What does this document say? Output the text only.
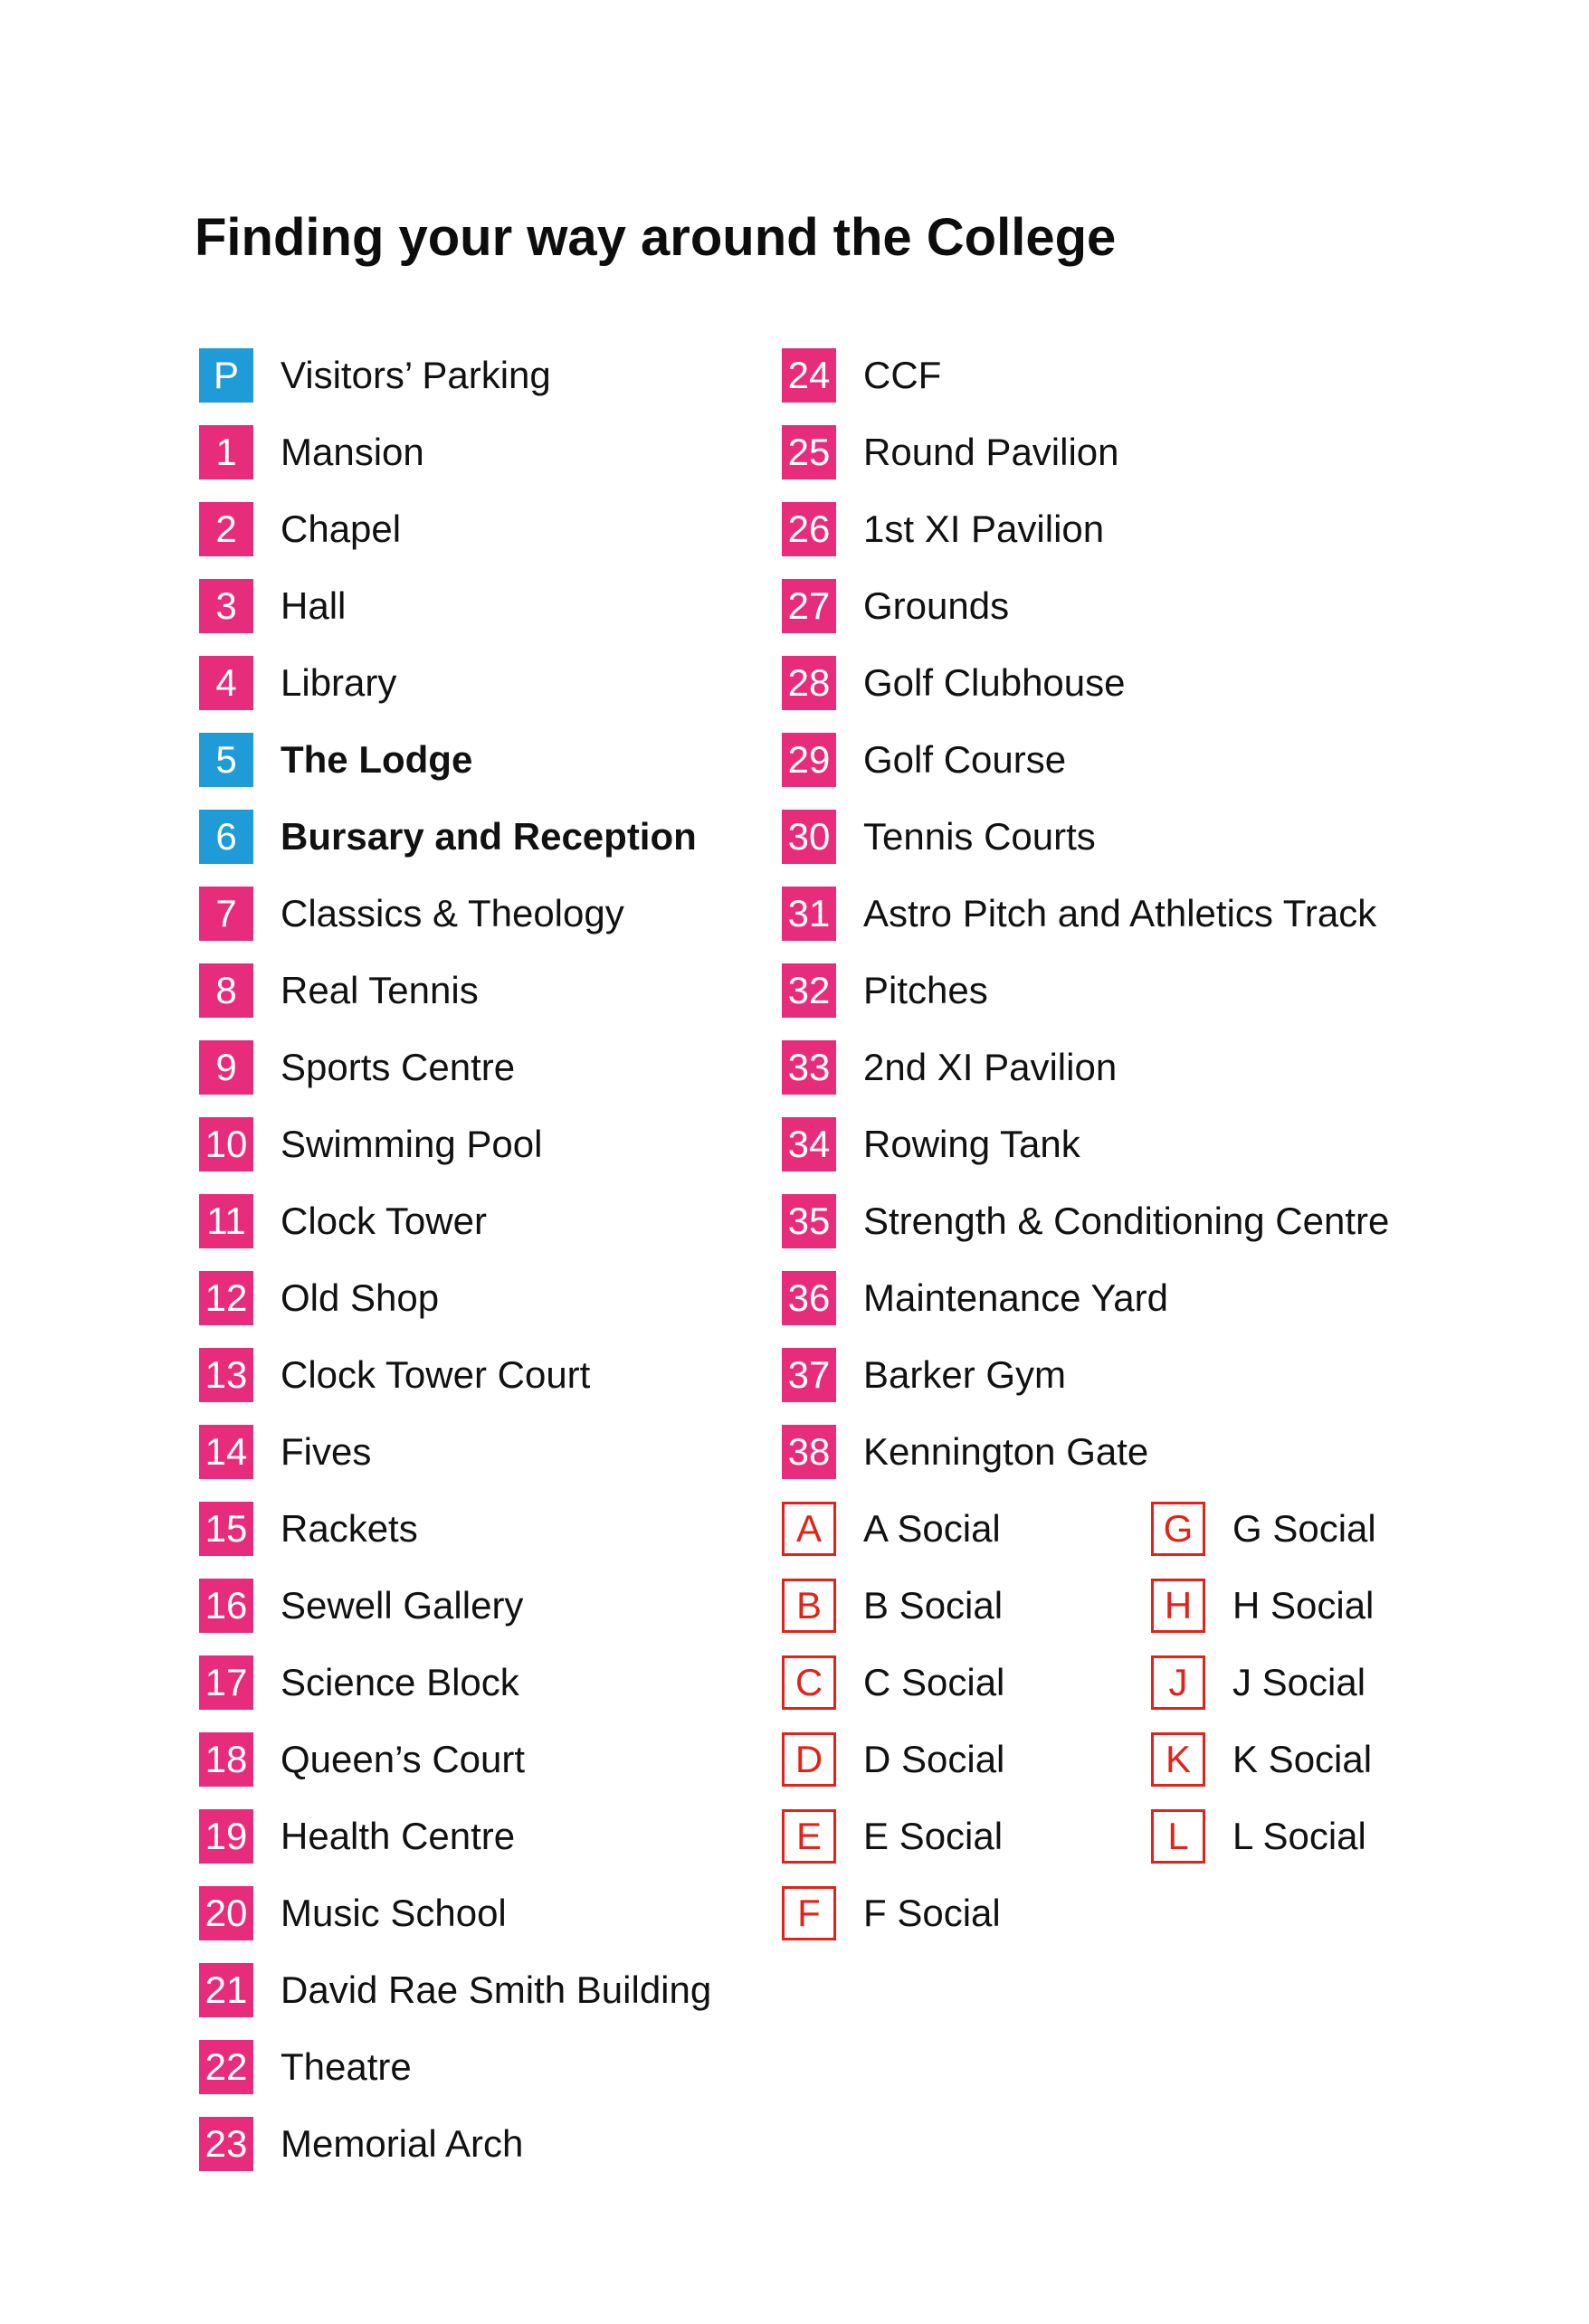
Finding your way around the College
P	Visitors’ Parking
1	Mansion
2	Chapel
3	Hall
4	Library
5	The Lodge
6	Bursary and Reception
7	Classics & Theology
8	Real Tennis
9	Sports Centre
10 Swimming Pool
11 Clock Tower
12 Old Shop
13 Clock Tower Court
14 Fives
15 Rackets
16 Sewell Gallery
17 Science Block
18 Queen’s Court
19 Health Centre
20 Music School
21 David Rae Smith Building
22 Theatre
23 Memorial Arch
24 CCF
25 Round Pavilion
26 1st XI Pavilion
27 Grounds
28 Golf Clubhouse
29 Golf Course
30 Tennis Courts
31 Astro Pitch and Athletics Track
32 Pitches
33 2nd XI Pavilion
34 Rowing Tank
35 Strength & Conditioning Centre
36 Maintenance Yard
37 Barker Gym
38 Kennington Gate
A	A Social
B	B Social
C	C Social
D	D Social
E	E Social
F	F Social
G	G Social
H	H Social
J	J Social
K	K Social
L	L Social
